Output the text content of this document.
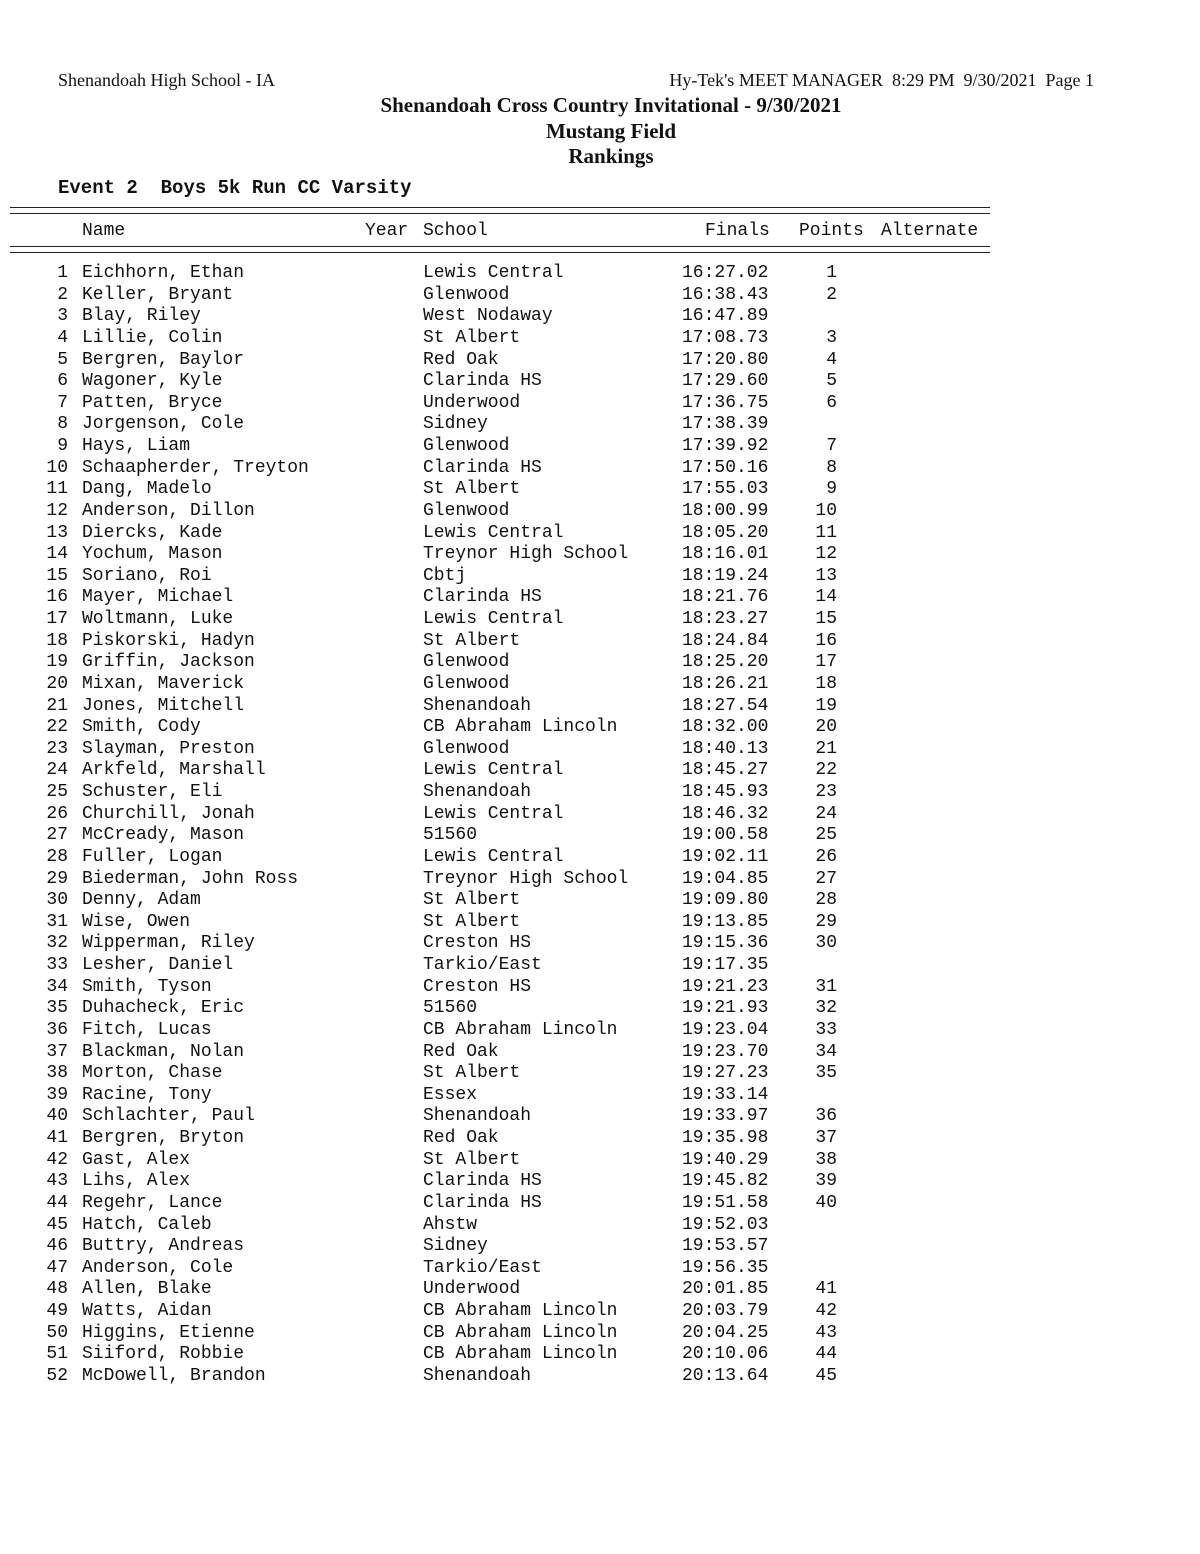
Shenandoah High School - IA	Hy-Tek's MEET MANAGER  8:29 PM  9/30/2021  Page 1
Shenandoah Cross Country Invitational - 9/30/2021
Mustang Field
Rankings
Event 2 Boys 5k Run CC Varsity
Name	Year School	Finals Points Alternate
1 Eichhorn, Ethan	Lewis Central	16:27.02	1
2 Keller, Bryant	Glenwood	16:38.43	2
3 Blay, Riley	West Nodaway	16:47.89
4 Lillie, Colin	St Albert	17:08.73	3
5 Bergren, Baylor	Red Oak	17:20.80	4
6 Wagoner, Kyle	Clarinda HS	17:29.60	5
7 Patten, Bryce	Underwood	17:36.75	6
8 Jorgenson, Cole	Sidney	17:38.39
9 Hays, Liam	Glenwood	17:39.92	7
10 Schaapherder, Treyton	Clarinda HS	17:50.16	8
11 Dang, Madelo	St Albert	17:55.03	9
12 Anderson, Dillon	Glenwood	18:00.99	10
13 Diercks, Kade	Lewis Central	18:05.20	11
14 Yochum, Mason	Treynor High School	18:16.01	12
15 Soriano, Roi	Cbtj	18:19.24	13
16 Mayer, Michael	Clarinda HS	18:21.76	14
17 Woltmann, Luke	Lewis Central	18:23.27	15
18 Piskorski, Hadyn	St Albert	18:24.84	16
19 Griffin, Jackson	Glenwood	18:25.20	17
20 Mixan, Maverick	Glenwood	18:26.21	18
21 Jones, Mitchell	Shenandoah	18:27.54	19
22 Smith, Cody	CB Abraham Lincoln	18:32.00	20
23 Slayman, Preston	Glenwood	18:40.13	21
24 Arkfeld, Marshall	Lewis Central	18:45.27	22
25 Schuster, Eli	Shenandoah	18:45.93	23
26 Churchill, Jonah	Lewis Central	18:46.32	24
27 McCready, Mason	51560	19:00.58	25
28 Fuller, Logan	Lewis Central	19:02.11	26
29 Biederman, John Ross	Treynor High School	19:04.85	27
30 Denny, Adam	St Albert	19:09.80	28
31 Wise, Owen	St Albert	19:13.85	29
32 Wipperman, Riley	Creston HS	19:15.36	30
33 Lesher, Daniel	Tarkio/East	19:17.35
34 Smith, Tyson	Creston HS	19:21.23	31
35 Duhacheck, Eric	51560	19:21.93	32
36 Fitch, Lucas	CB Abraham Lincoln	19:23.04	33
37 Blackman, Nolan	Red Oak	19:23.70	34
38 Morton, Chase	St Albert	19:27.23	35
39 Racine, Tony	Essex	19:33.14
40 Schlachter, Paul	Shenandoah	19:33.97	36
41 Bergren, Bryton	Red Oak	19:35.98	37
42 Gast, Alex	St Albert	19:40.29	38
43 Lihs, Alex	Clarinda HS	19:45.82	39
44 Regehr, Lance	Clarinda HS	19:51.58	40
45 Hatch, Caleb	Ahstw	19:52.03
46 Buttry, Andreas	Sidney	19:53.57
47 Anderson, Cole	Tarkio/East	19:56.35
48 Allen, Blake	Underwood	20:01.85	41
49 Watts, Aidan	CB Abraham Lincoln	20:03.79	42
50 Higgins, Etienne	CB Abraham Lincoln	20:04.25	43
51 Siiford, Robbie	CB Abraham Lincoln	20:10.06	44
52 McDowell, Brandon	Shenandoah	20:13.64	45
